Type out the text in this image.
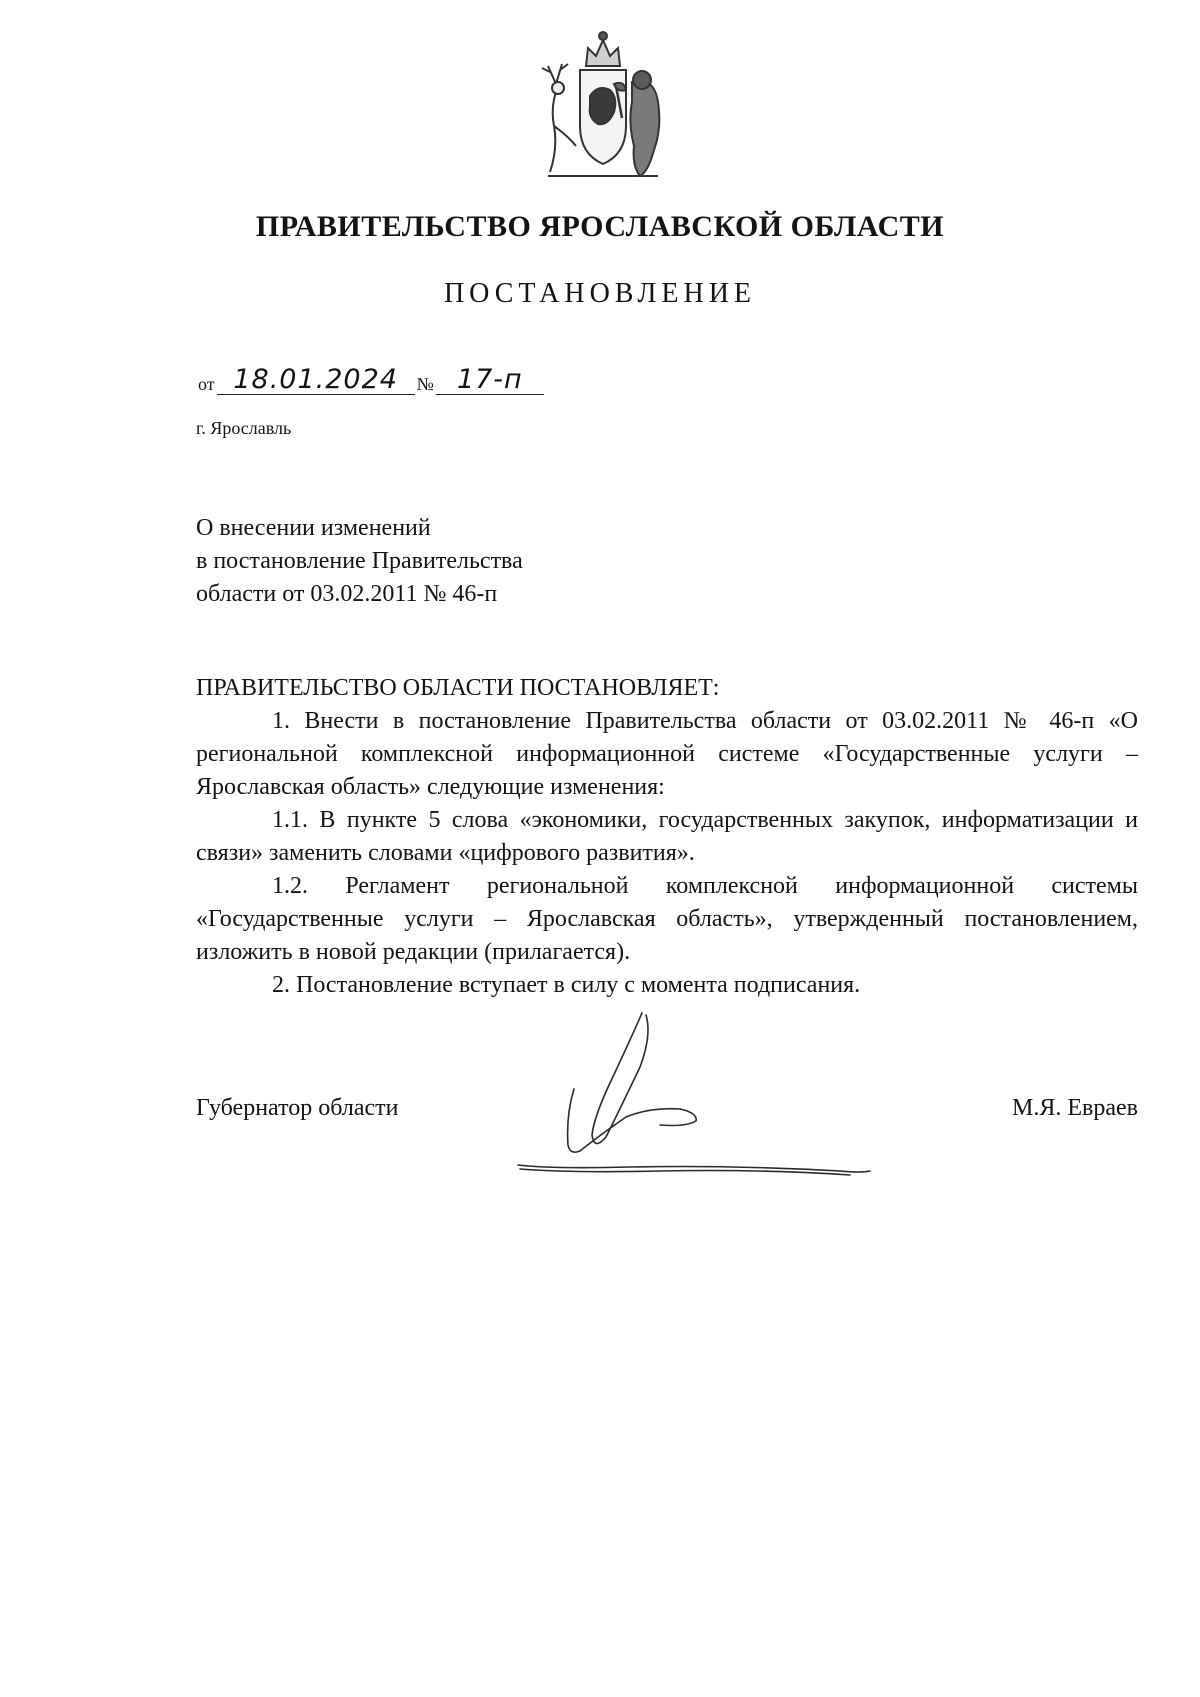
ПРАВИТЕЛЬСТВО ЯРОСЛАВСКОЙ ОБЛАСТИ
ПОСТАНОВЛЕНИЕ
от 18.01.2024	№ 17-п
г. Ярославль
О внесении изменений
в постановление Правительства
области от 03.02.2011 № 46-п

ПРАВИТЕЛЬСТВО ОБЛАСТИ ПОСТАНОВЛЯЕТ:

1. Внести в постановление Правительства области от 03.02.2011 № 46-п «О региональной комплексной информационной системе «Государственные услуги – Ярославская область» следующие изменения:

1.1. В пункте 5 слова «экономики, государственных закупок, информатизации и связи» заменить словами «цифрового развития».

1.2. Регламент региональной комплексной информационной системы «Государственные услуги – Ярославская область», утвержденный постановлением, изложить в новой редакции (прилагается).

2. Постановление вступает в силу с момента подписания.

Губернатор области	М.Я. Евраев
